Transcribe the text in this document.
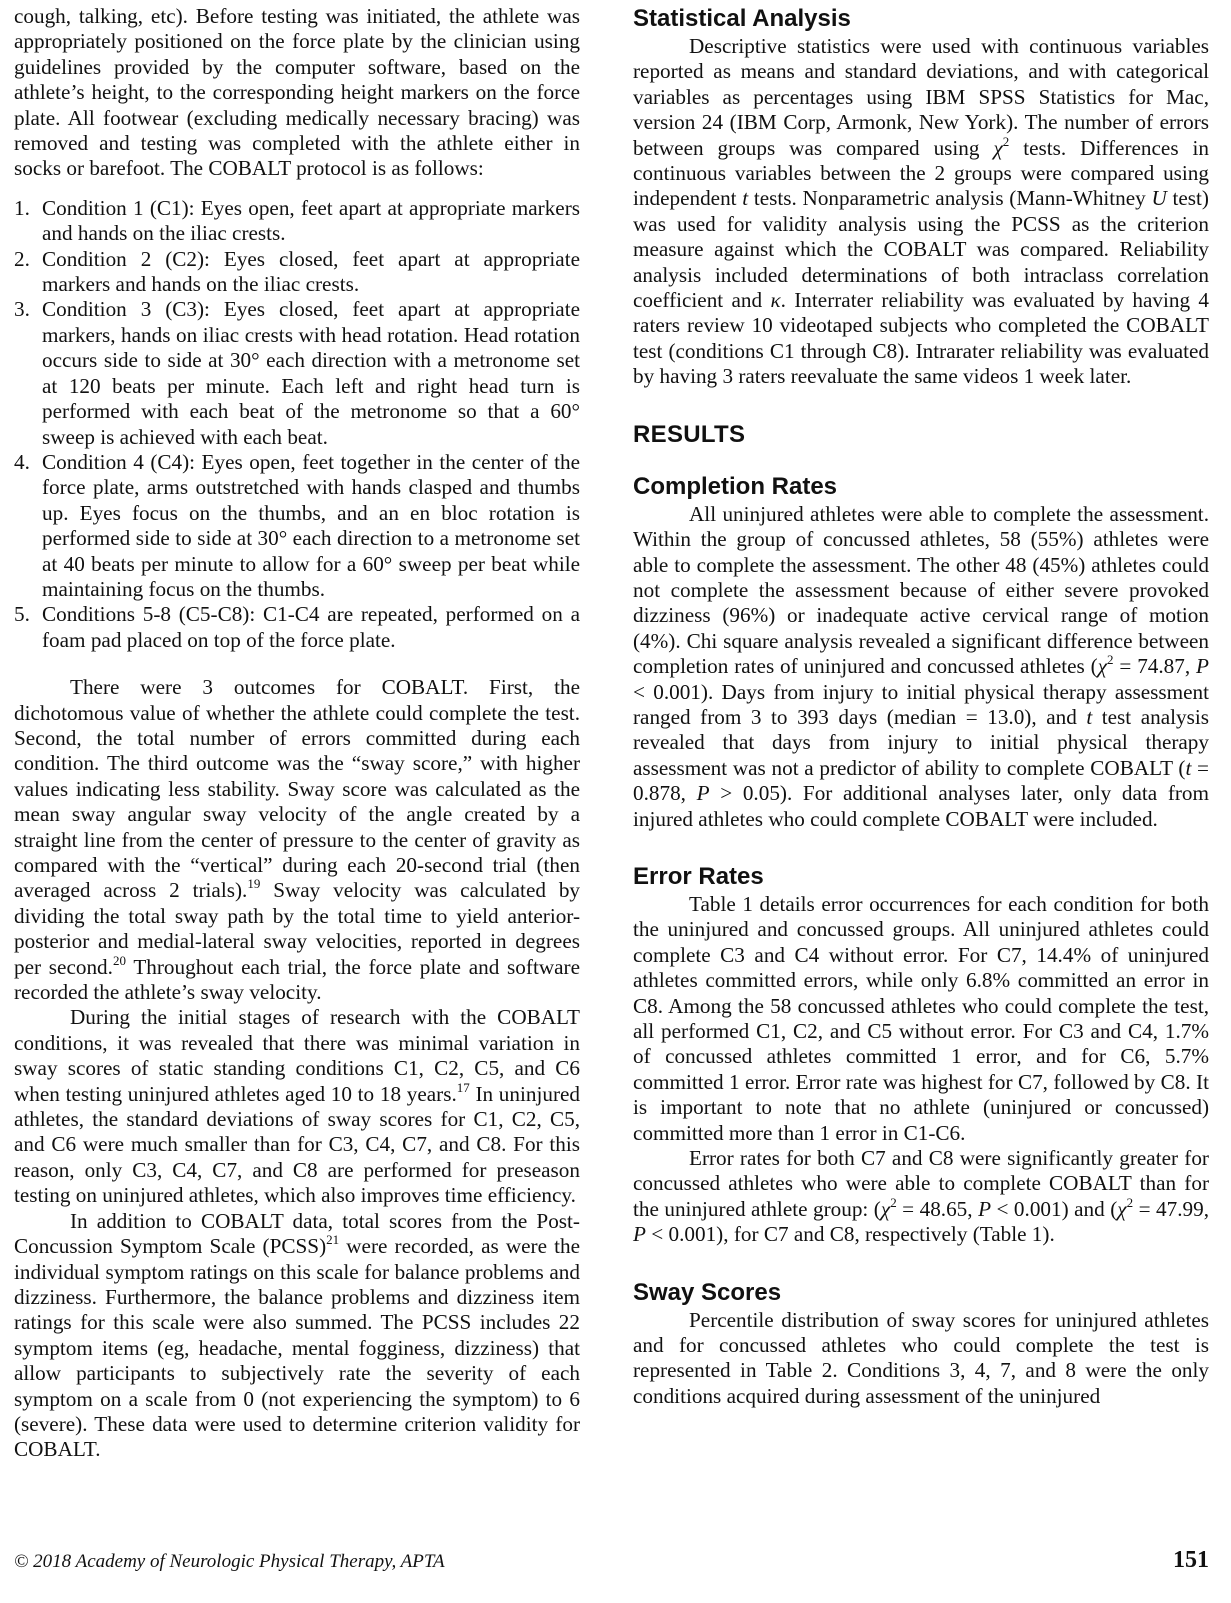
cough, talking, etc). Before testing was initiated, the athlete was appropriately positioned on the force plate by the clinician using guidelines provided by the computer software, based on the athlete’s height, to the corresponding height markers on the force plate. All footwear (excluding medically necessary bracing) was removed and testing was completed with the athlete either in socks or barefoot. The COBALT protocol is as follows:

1. Condition 1 (C1): Eyes open, feet apart at appropriate markers and hands on the iliac crests.
2. Condition 2 (C2): Eyes closed, feet apart at appropriate markers and hands on the iliac crests.
3. Condition 3 (C3): Eyes closed, feet apart at appropriate markers, hands on iliac crests with head rotation. Head rotation occurs side to side at 30° each direction with a metronome set at 120 beats per minute. Each left and right head turn is performed with each beat of the metronome so that a 60° sweep is achieved with each beat.
4. Condition 4 (C4): Eyes open, feet together in the center of the force plate, arms outstretched with hands clasped and thumbs up. Eyes focus on the thumbs, and an en bloc rotation is performed side to side at 30° each direction to a metronome set at 40 beats per minute to allow for a 60° sweep per beat while maintaining focus on the thumbs.
5. Conditions 5-8 (C5-C8): C1-C4 are repeated, performed on a foam pad placed on top of the force plate.

There were 3 outcomes for COBALT. First, the dichotomous value of whether the athlete could complete the test. Second, the total number of errors committed during each condition. The third outcome was the “sway score,” with higher values indicating less stability. Sway score was calculated as the mean sway angular sway velocity of the angle created by a straight line from the center of pressure to the center of gravity as compared with the “vertical” during each 20-second trial (then averaged across 2 trials).$^{19}$ Sway velocity was calculated by dividing the total sway path by the total time to yield anterior-posterior and medial-lateral sway velocities, reported in degrees per second.$^{20}$ Throughout each trial, the force plate and software recorded the athlete’s sway velocity.

During the initial stages of research with the COBALT conditions, it was revealed that there was minimal variation in sway scores of static standing conditions C1, C2, C5, and C6 when testing uninjured athletes aged 10 to 18 years.$^{17}$ In uninjured athletes, the standard deviations of sway scores for C1, C2, C5, and C6 were much smaller than for C3, C4, C7, and C8. For this reason, only C3, C4, C7, and C8 are performed for preseason testing on uninjured athletes, which also improves time efficiency.

In addition to COBALT data, total scores from the Post-Concussion Symptom Scale (PCSS)$^{21}$ were recorded, as were the individual symptom ratings on this scale for balance problems and dizziness. Furthermore, the balance problems and dizziness item ratings for this scale were also summed. The PCSS includes 22 symptom items (eg, headache, mental fogginess, dizziness) that allow participants to subjectively rate the severity of each symptom on a scale from 0 (not experiencing the symptom) to 6 (severe). These data were used to determine criterion validity for COBALT.

Statistical Analysis

Descriptive statistics were used with continuous variables reported as means and standard deviations, and with categorical variables as percentages using IBM SPSS Statistics for Mac, version 24 (IBM Corp, Armonk, New York). The number of errors between groups was compared using $\chi^2$ tests. Differences in continuous variables between the 2 groups were compared using independent t tests. Nonparametric analysis (Mann-Whitney U test) was used for validity analysis using the PCSS as the criterion measure against which the COBALT was compared. Reliability analysis included determinations of both intraclass correlation coefficient and κ. Interrater reliability was evaluated by having 4 raters review 10 videotaped subjects who completed the COBALT test (conditions C1 through C8). Intrarater reliability was evaluated by having 3 raters reevaluate the same videos 1 week later.

RESULTS
Completion Rates

All uninjured athletes were able to complete the assessment. Within the group of concussed athletes, 58 (55%) athletes were able to complete the assessment. The other 48 (45%) athletes could not complete the assessment because of either severe provoked dizziness (96%) or inadequate active cervical range of motion (4%). Chi square analysis revealed a significant difference between completion rates of uninjured and concussed athletes ($\chi^2 = 74.87$, P < 0.001). Days from injury to initial physical therapy assessment ranged from 3 to 393 days (median = 13.0), and t test analysis revealed that days from injury to initial physical therapy assessment was not a predictor of ability to complete COBALT (t = 0.878, P > 0.05). For additional analyses later, only data from injured athletes who could complete COBALT were included.

Error Rates

Table 1 details error occurrences for each condition for both the uninjured and concussed groups. All uninjured athletes could complete C3 and C4 without error. For C7, 14.4% of uninjured athletes committed errors, while only 6.8% committed an error in C8. Among the 58 concussed athletes who could complete the test, all performed C1, C2, and C5 without error. For C3 and C4, 1.7% of concussed athletes committed 1 error, and for C6, 5.7% committed 1 error. Error rate was highest for C7, followed by C8. It is important to note that no athlete (uninjured or concussed) committed more than 1 error in C1-C6.

Error rates for both C7 and C8 were significantly greater for concussed athletes who were able to complete COBALT than for the uninjured athlete group: ($\chi^2 = 48.65$, P < 0.001) and ($\chi^2 = 47.99$, P < 0.001), for C7 and C8, respectively (Table 1).

Sway Scores

Percentile distribution of sway scores for uninjured athletes and for concussed athletes who could complete the test is represented in Table 2. Conditions 3, 4, 7, and 8 were the only conditions acquired during assessment of the uninjured

© 2018 Academy of Neurologic Physical Therapy, APTA	151
